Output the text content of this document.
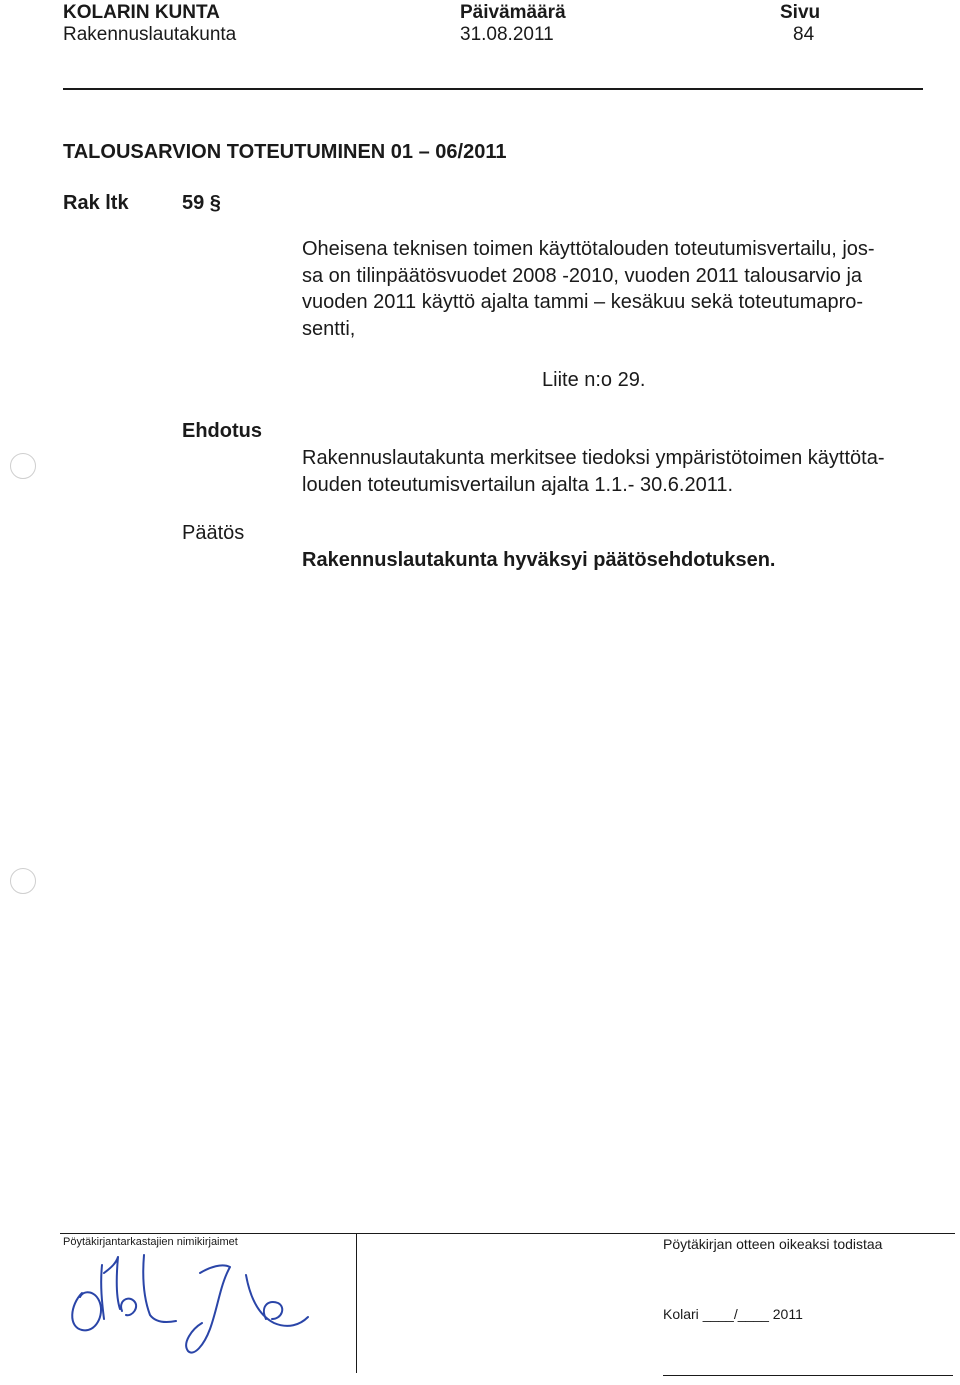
KOLARIN KUNTA
Rakennuslautakunta
Päivämäärä
31.08.2011
Sivu
84
TALOUSARVION TOTEUTUMINEN 01 – 06/2011
Rak ltk	59 §
Oheisena teknisen toimen käyttötalouden toteutumisvertailu, jos-
sa on tilinpäätösvuodet 2008 -2010, vuoden 2011 talousarvio ja
vuoden 2011 käyttö ajalta tammi – kesäkuu sekä toteutumapro-
sentti,
Liite n:o 29.
Ehdotus
Rakennuslautakunta merkitsee tiedoksi ympäristötoimen käyttöta-
louden toteutumisvertailun ajalta 1.1.- 30.6.2011.
Päätös
Rakennuslautakunta hyväksyi päätösehdotuksen.
Pöytäkirjantarkastajien nimikirjaimet	Pöytäkirjan otteen oikeaksi todistaa
Kolari ____/____ 2011
